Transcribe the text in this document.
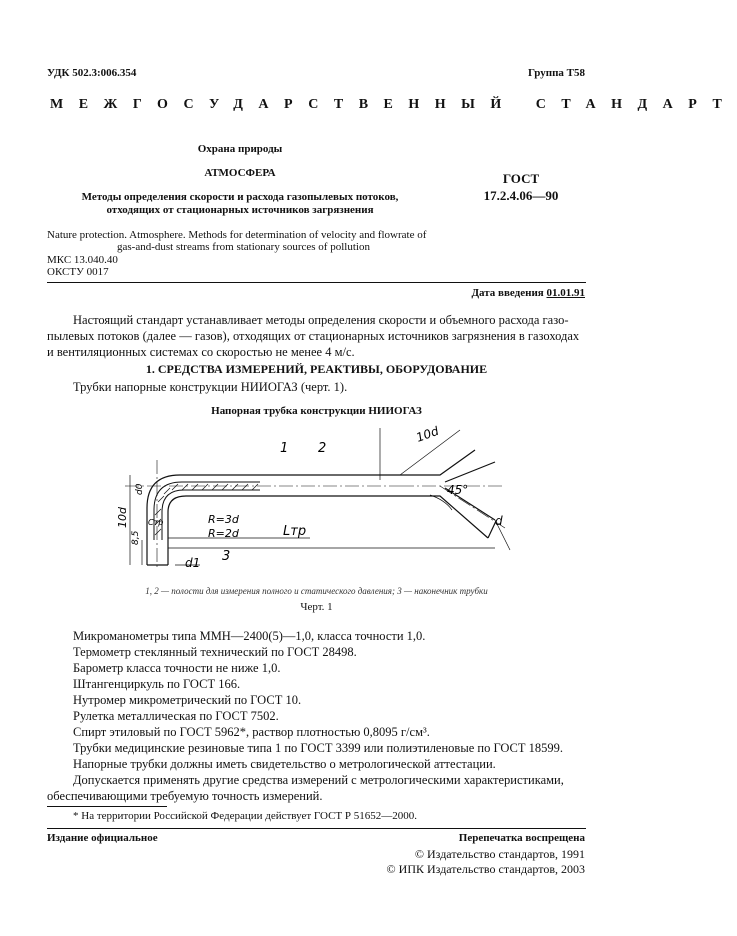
УДК 502.3:006.354	Группа Т58
МЕЖГОСУДАРСТВЕННЫЙ СТАНДАРТ
Охрана природы
АТМОСФЕРА
Методы определения скорости и расхода газопылевых потоков,
отходящих от стационарных источников загрязнения
ГОСТ
17.2.4.06—90
Nature protection. Atmosphere. Methods for determination of velocity and flowrate of
gas-and-dust streams from stationary sources of pollution
МКС 13.040.40
ОКСТУ 0017
Дата введения 01.01.91
Настоящий стандарт устанавливает методы определения скорости и объемного расхода газо-
пылевых потоков (далее — газов), отходящих от стационарных источников загрязнения в газоходах
и вентиляционных системах со скоростью не менее 4 м/с.
1. СРЕДСТВА ИЗМЕРЕНИЙ, РЕАКТИВЫ, ОБОРУДОВАНИЕ
Трубки напорные конструкции НИИОГАЗ (черт. 1).
Напорная трубка конструкции НИИОГАЗ
1 2
10d
45°
d
d0
10d Cтр
8,5
R=3d
R=2d	Lтр
3
d1
1, 2 — полости для измерения полного и статического давления; 3 — наконечник трубки
Черт. 1
Микроманометры типа ММН—2400(5)—1,0, класса точности 1,0.
Термометр стеклянный технический по ГОСТ 28498.
Барометр класса точности не ниже 1,0.
Штангенциркуль по ГОСТ 166.
Нутромер микрометрический по ГОСТ 10.
Рулетка металлическая по ГОСТ 7502.
Спирт этиловый по ГОСТ 5962*, раствор плотностью 0,8095 г/см³.
Трубки медицинские резиновые типа 1 по ГОСТ 3399 или полиэтиленовые по ГОСТ 18599.
Напорные трубки должны иметь свидетельство о метрологической аттестации.
Допускается применять другие средства измерений с метрологическими характеристиками,
обеспечивающими требуемую точность измерений.
* На территории Российской Федерации действует ГОСТ Р 51652—2000.
Издание официальное	Перепечатка воспрещена
© Издательство стандартов, 1991
© ИПК Издательство стандартов, 2003
